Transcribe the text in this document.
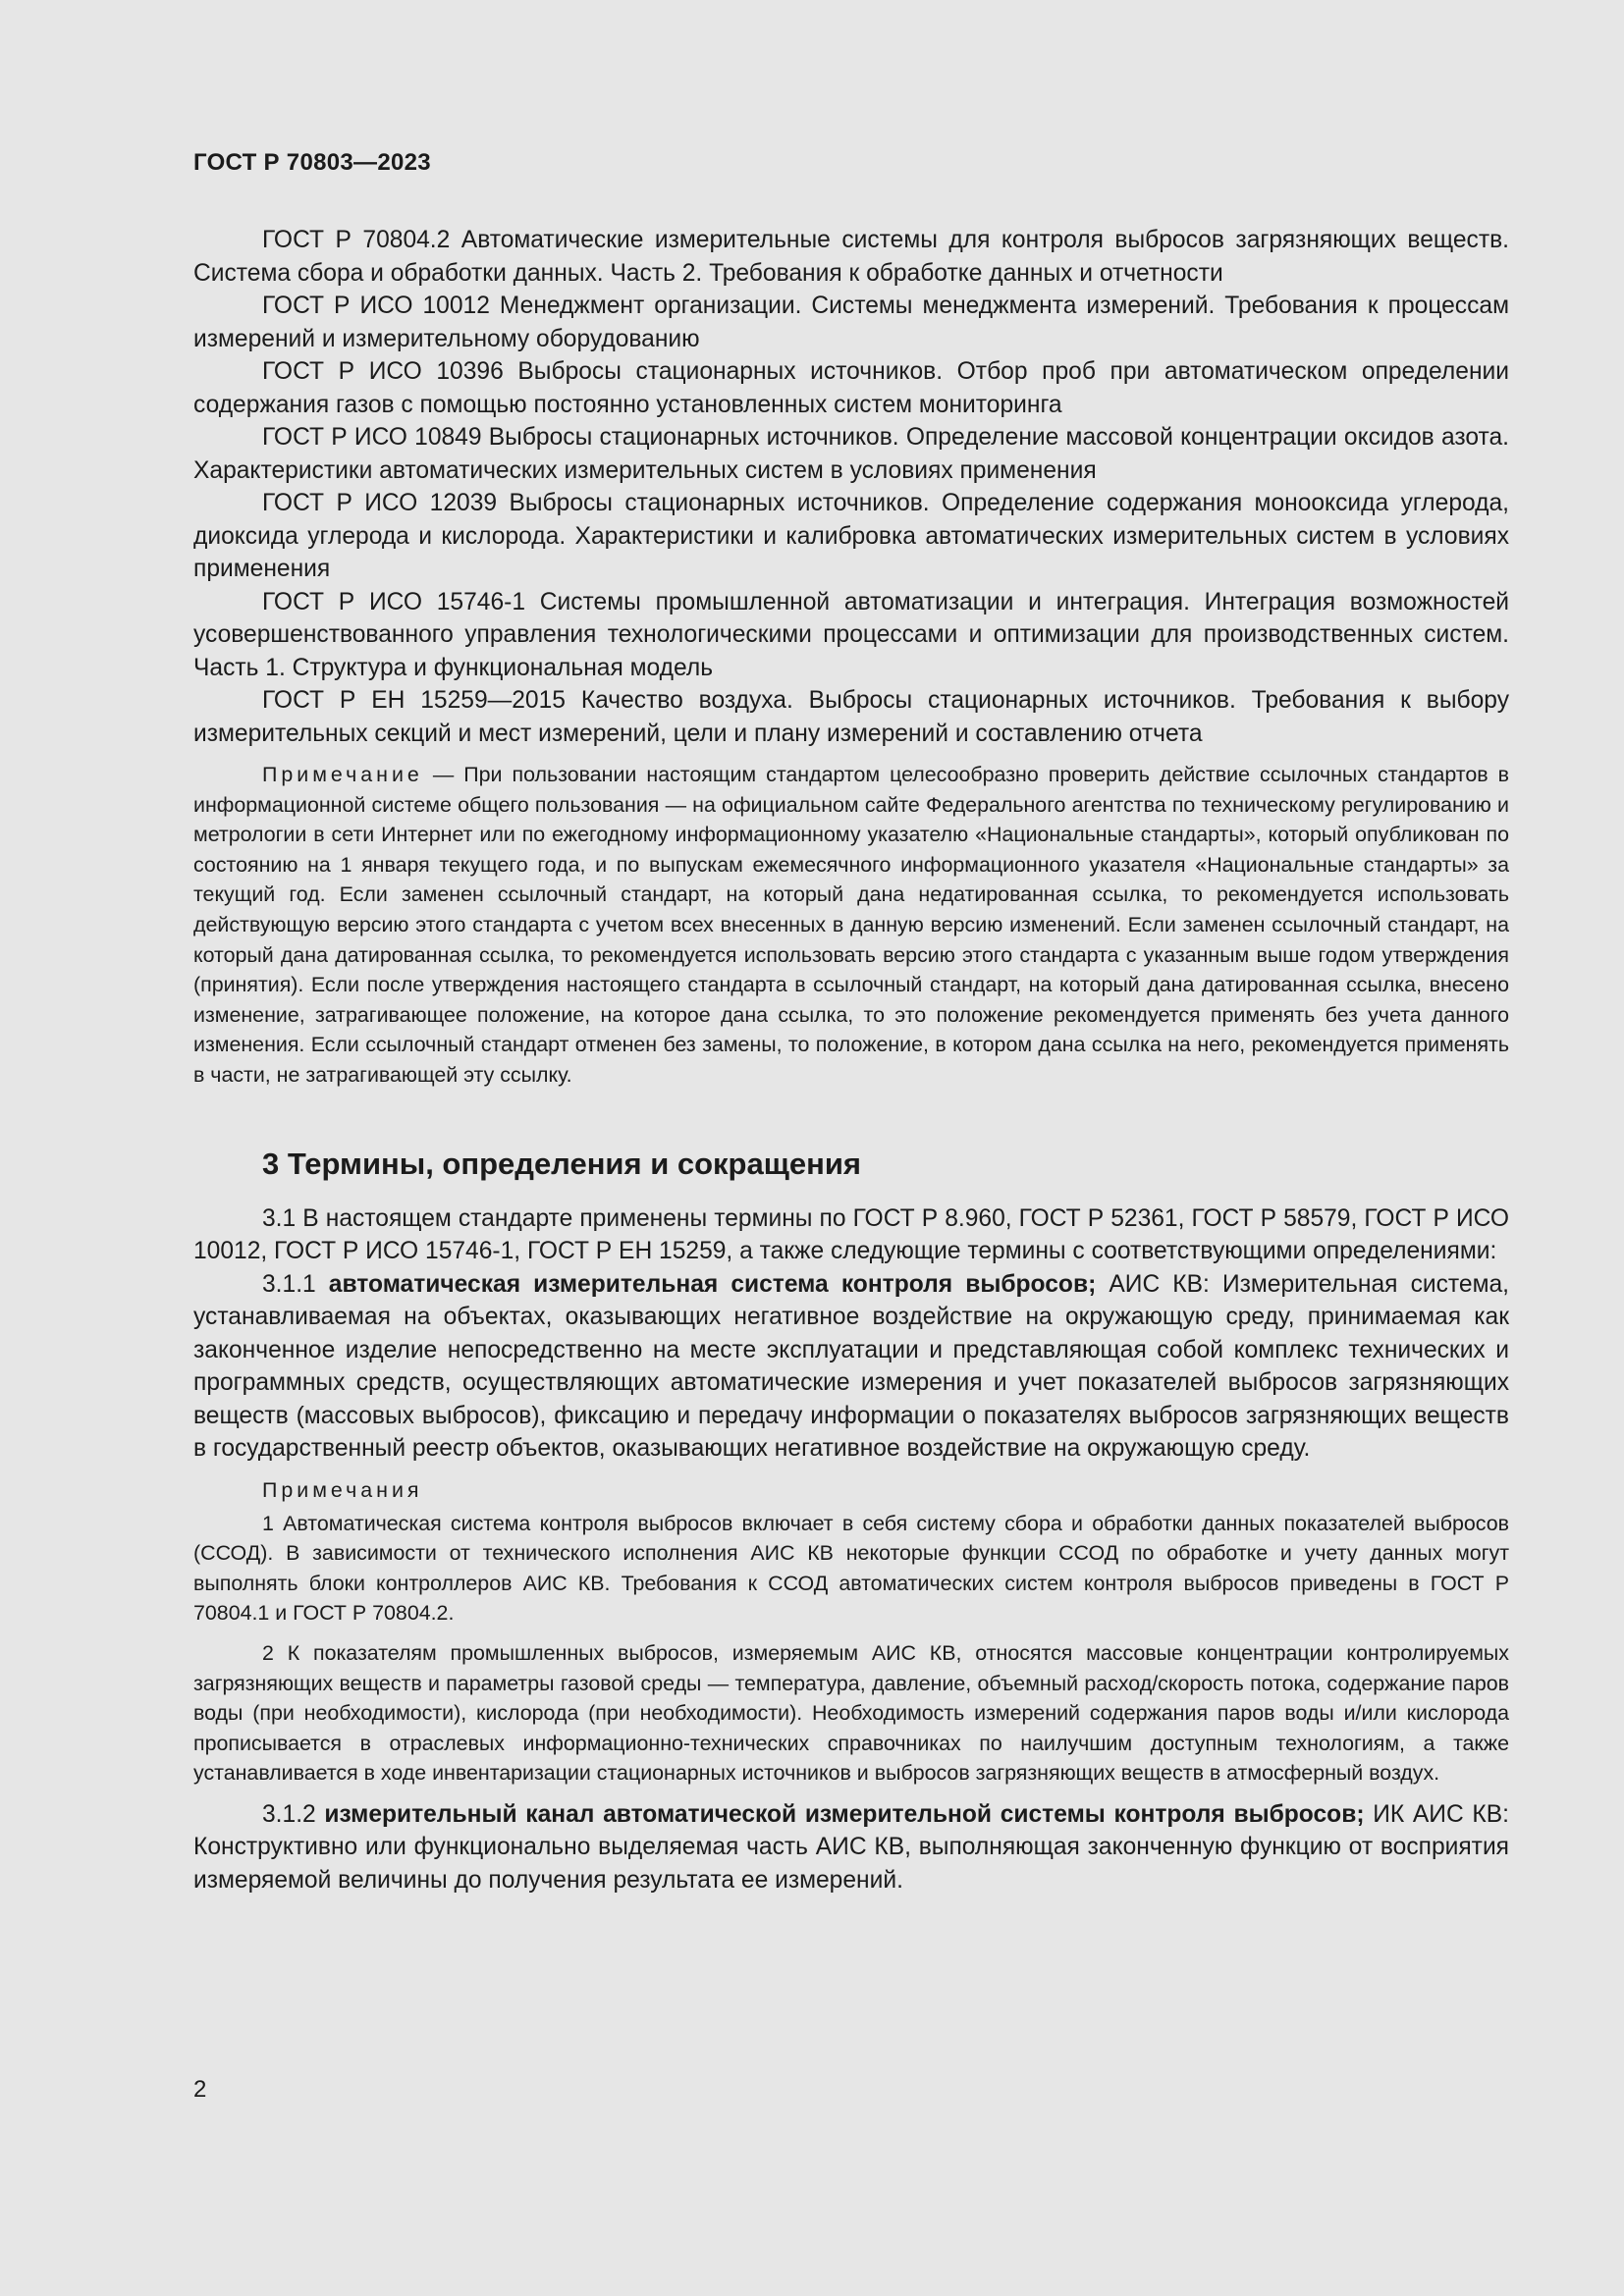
ГОСТ Р 70803—2023

ГОСТ Р 70804.2 Автоматические измерительные системы для контроля выбросов загрязняющих веществ. Система сбора и обработки данных. Часть 2. Требования к обработке данных и отчетности

ГОСТ Р ИСО 10012 Менеджмент организации. Системы менеджмента измерений. Требования к процессам измерений и измерительному оборудованию

ГОСТ Р ИСО 10396 Выбросы стационарных источников. Отбор проб при автоматическом определении содержания газов с помощью постоянно установленных систем мониторинга

ГОСТ Р ИСО 10849 Выбросы стационарных источников. Определение массовой концентрации оксидов азота. Характеристики автоматических измерительных систем в условиях применения

ГОСТ Р ИСО 12039 Выбросы стационарных источников. Определение содержания монооксида углерода, диоксида углерода и кислорода. Характеристики и калибровка автоматических измерительных систем в условиях применения

ГОСТ Р ИСО 15746-1 Системы промышленной автоматизации и интеграция. Интеграция возможностей усовершенствованного управления технологическими процессами и оптимизации для производственных систем. Часть 1. Структура и функциональная модель

ГОСТ Р ЕН 15259—2015 Качество воздуха. Выбросы стационарных источников. Требования к выбору измерительных секций и мест измерений, цели и плану измерений и составлению отчета

Примечание — При пользовании настоящим стандартом целесообразно проверить действие ссылочных стандартов в информационной системе общего пользования — на официальном сайте Федерального агентства по техническому регулированию и метрологии в сети Интернет или по ежегодному информационному указателю «Национальные стандарты», который опубликован по состоянию на 1 января текущего года, и по выпускам ежемесячного информационного указателя «Национальные стандарты» за текущий год. Если заменен ссылочный стандарт, на который дана недатированная ссылка, то рекомендуется использовать действующую версию этого стандарта с учетом всех внесенных в данную версию изменений. Если заменен ссылочный стандарт, на который дана датированная ссылка, то рекомендуется использовать версию этого стандарта с указанным выше годом утверждения (принятия). Если после утверждения настоящего стандарта в ссылочный стандарт, на который дана датированная ссылка, внесено изменение, затрагивающее положение, на которое дана ссылка, то это положение рекомендуется применять без учета данного изменения. Если ссылочный стандарт отменен без замены, то положение, в котором дана ссылка на него, рекомендуется применять в части, не затрагивающей эту ссылку.

3 Термины, определения и сокращения

3.1 В настоящем стандарте применены термины по ГОСТ Р 8.960, ГОСТ Р 52361, ГОСТ Р 58579, ГОСТ Р ИСО 10012, ГОСТ Р ИСО 15746-1, ГОСТ Р ЕН 15259, а также следующие термины с соответствующими определениями:

3.1.1 автоматическая измерительная система контроля выбросов; АИС КВ: Измерительная система, устанавливаемая на объектах, оказывающих негативное воздействие на окружающую среду, принимаемая как законченное изделие непосредственно на месте эксплуатации и представляющая собой комплекс технических и программных средств, осуществляющих автоматические измерения и учет показателей выбросов загрязняющих веществ (массовых выбросов), фиксацию и передачу информации о показателях выбросов загрязняющих веществ в государственный реестр объектов, оказывающих негативное воздействие на окружающую среду.

Примечания

1 Автоматическая система контроля выбросов включает в себя систему сбора и обработки данных показателей выбросов (ССОД). В зависимости от технического исполнения АИС КВ некоторые функции ССОД по обработке и учету данных могут выполнять блоки контроллеров АИС КВ. Требования к ССОД автоматических систем контроля выбросов приведены в ГОСТ Р 70804.1 и ГОСТ Р 70804.2.

2 К показателям промышленных выбросов, измеряемым АИС КВ, относятся массовые концентрации контролируемых загрязняющих веществ и параметры газовой среды — температура, давление, объемный расход/скорость потока, содержание паров воды (при необходимости), кислорода (при необходимости). Необходимость измерений содержания паров воды и/или кислорода прописывается в отраслевых информационно-технических справочниках по наилучшим доступным технологиям, а также устанавливается в ходе инвентаризации стационарных источников и выбросов загрязняющих веществ в атмосферный воздух.

3.1.2 измерительный канал автоматической измерительной системы контроля выбросов; ИК АИС КВ: Конструктивно или функционально выделяемая часть АИС КВ, выполняющая законченную функцию от восприятия измеряемой величины до получения результата ее измерений.

2
